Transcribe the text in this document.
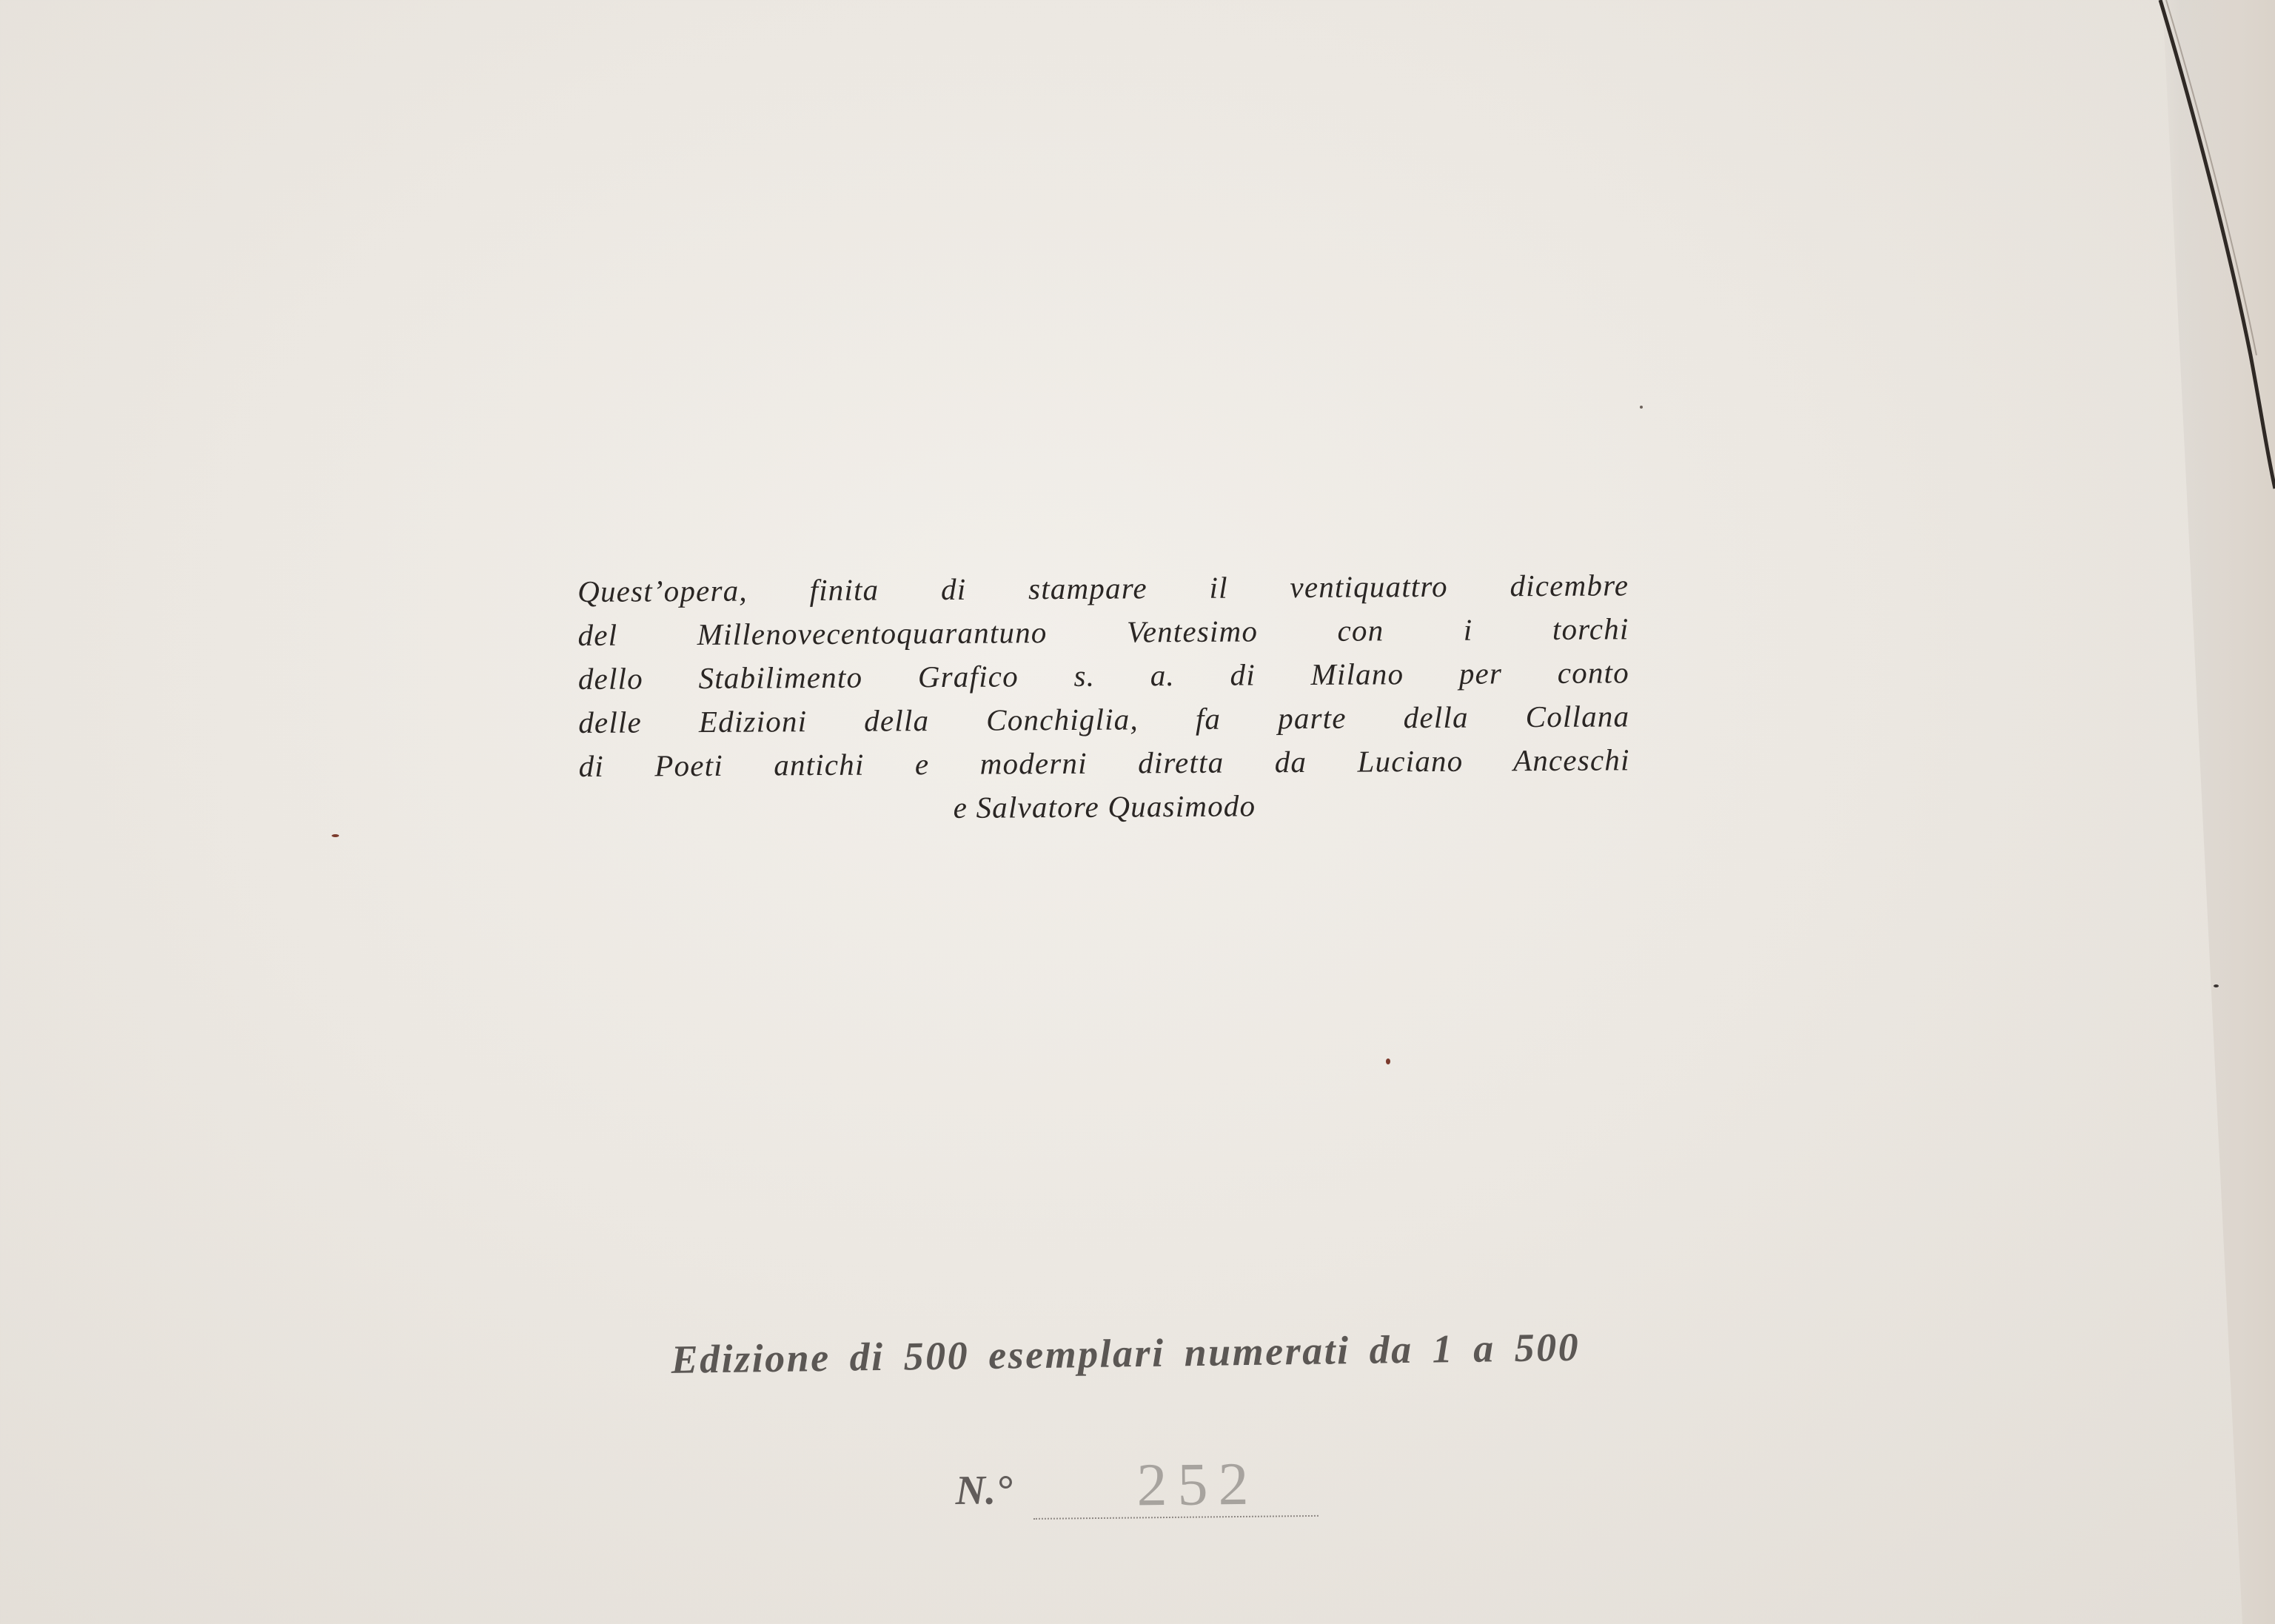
Quest’opera, finita di stampare il ventiquattro dicembre
del Millenovecentoquarantuno Ventesimo con i torchi
dello Stabilimento Grafico s. a. di Milano per conto
delle Edizioni della Conchiglia, fa parte della Collana
di Poeti antichi e moderni diretta da Luciano Anceschi
e Salvatore Quasimodo
Edizione di 500 esemplari numerati da 1 a 500
N.° 252
